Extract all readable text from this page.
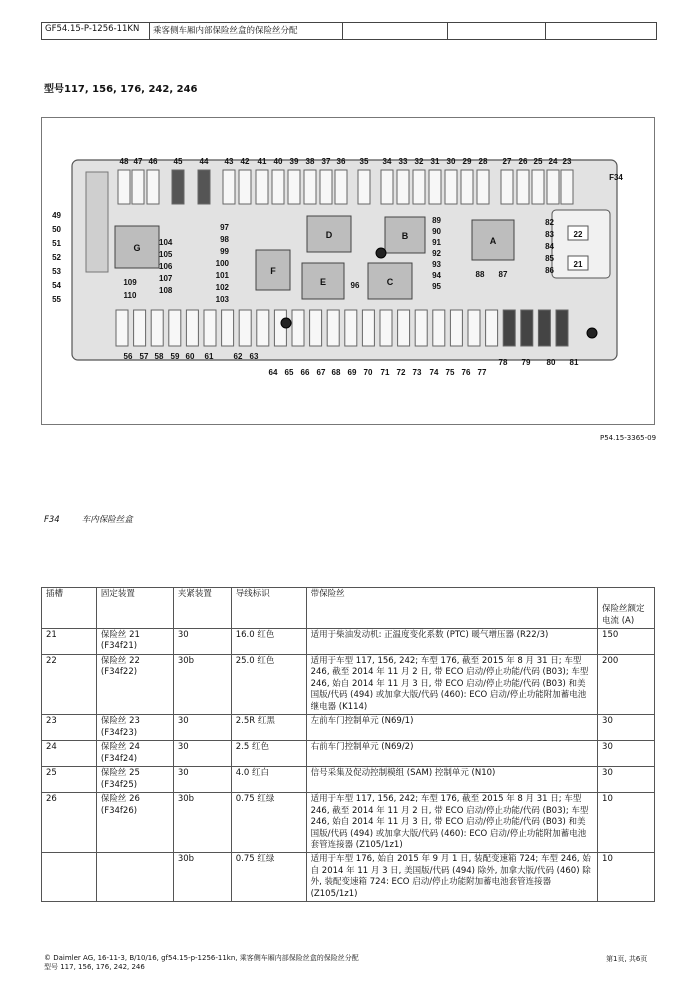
GF54.15-P-1256-11KN	乘客侧车厢内部保险丝盒的保险丝分配
型号117, 156, 176, 242, 246
48 47 46 45 44 43 42 41 40 39 38 37 36 35 34 33 32 31 30 29 28 27 26 25 24 23
49
50
51
52
53
54
55
G
F
D
E
B
C
A
104
105
106
109
110
107
108
97
98
99
100
101
102
103
89
90
91
92
93
94
95
82
83
84
85
86
96
88 87
22
21
F34
56 57 58 59 60 61	62 63
64 65 66 67 68 69 70 71 72 73 74 75 76 77
78 79 80 81
P54.15-3365-09
F34	车内保险丝盒
插槽	固定装置	夹紧装置	导线标识	带保险丝	保险丝额定电流 (A)
21	保险丝 21 (F34f21)	30	16.0 红色	适用于柴油发动机: 正温度变化系数 (PTC) 暖气增压器 (R22/3)	150
22	保险丝 22 (F34f22)	30b	25.0 红色	适用于车型 117, 156, 242; 车型 176, 截至 2015 年 8 月 31 日; 车型 246, 截至 2014 年 11 月 2 日, 带 ECO 启动/停止功能/代码 (B03); 车型 246, 始自 2014 年 11 月 3 日, 带 ECO 启动/停止功能/代码 (B03) 和美国版/代码 (494) 或加拿大版/代码 (460): ECO 启动/停止功能附加蓄电池继电器 (K114)	200
23	保险丝 23 (F34f23)	30	2.5R 红黑	左前车门控制单元 (N69/1)	30
24	保险丝 24 (F34f24)	30	2.5 红色	右前车门控制单元 (N69/2)	30
25	保险丝 25 (F34f25)	30	4.0 红白	信号采集及促动控制模组 (SAM) 控制单元 (N10)	30
26	保险丝 26 (F34f26)	30b	0.75 红绿	适用于车型 117, 156, 242; 车型 176, 截至 2015 年 8 月 31 日; 车型 246, 截至 2014 年 11 月 2 日, 带 ECO 启动/停止功能/代码 (B03); 车型 246, 始自 2014 年 11 月 3 日, 带 ECO 启动/停止功能/代码 (B03) 和美国版/代码 (494) 或加拿大版/代码 (460): ECO 启动/停止功能附加蓄电池套管连接器 (Z105/1z1)	10
		30b	0.75 红绿	适用于车型 176, 始自 2015 年 9 月 1 日, 装配变速箱 724; 车型 246, 始自 2014 年 11 月 3 日, 美国版/代码 (494) 除外, 加拿大版/代码 (460) 除外, 装配变速箱 724: ECO 启动/停止功能附加蓄电池套管连接器 (Z105/1z1)	10
© Daimler AG, 16-11-3, B/10/16, gf54.15-p-1256-11kn, 乘客侧车厢内部保险丝盒的保险丝分配
型号 117, 156, 176, 242, 246
第1页, 共6页
